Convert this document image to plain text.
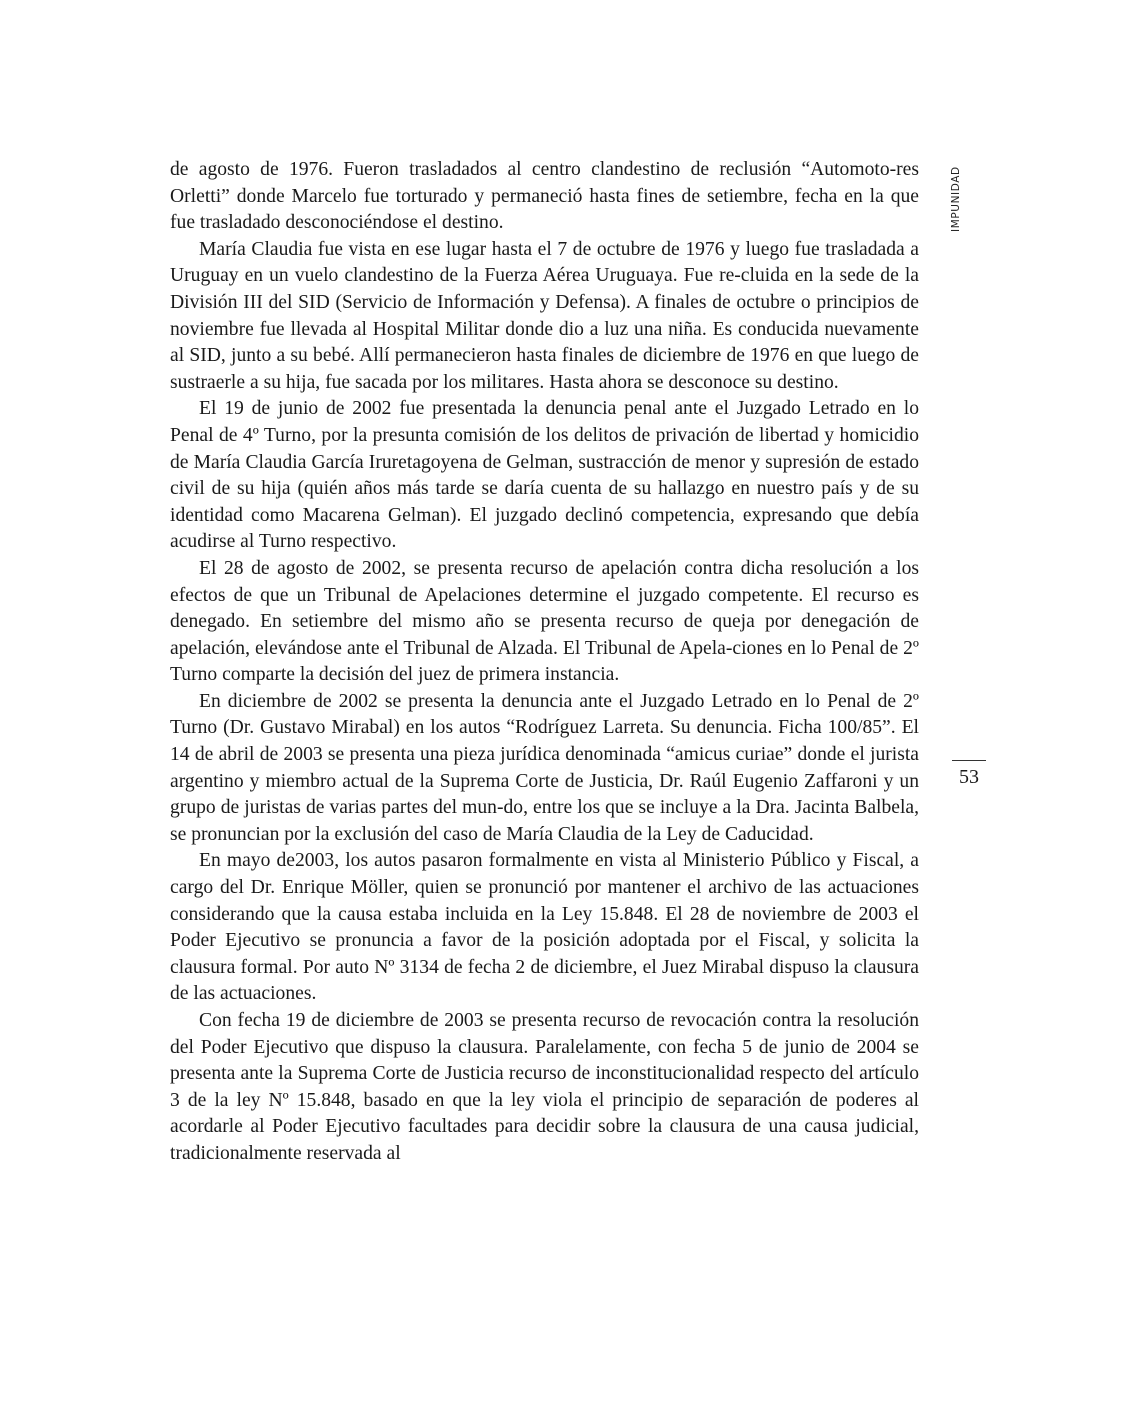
IMPUNIDAD

de agosto de 1976. Fueron trasladados al centro clandestino de reclusión “Automoto-res Orletti” donde Marcelo fue torturado y permaneció hasta fines de setiembre, fecha en la que fue trasladado desconociéndose el destino.

María Claudia fue vista en ese lugar hasta el 7 de octubre de 1976 y luego fue trasladada a Uruguay en un vuelo clandestino de la Fuerza Aérea Uruguaya. Fue re-cluida en la sede de la División III del SID (Servicio de Información y Defensa). A finales de octubre o principios de noviembre fue llevada al Hospital Militar donde dio a luz una niña. Es conducida nuevamente al SID, junto a su bebé. Allí permanecieron hasta finales de diciembre de 1976 en que luego de sustraerle a su hija, fue sacada por los militares. Hasta ahora se desconoce su destino.

El 19 de junio de 2002 fue presentada la denuncia penal ante el Juzgado Letrado en lo Penal de 4º Turno, por la presunta comisión de los delitos de privación de libertad y homicidio de María Claudia García Iruretagoyena de Gelman, sustracción de menor y supresión de estado civil de su hija (quién años más tarde se daría cuenta de su hallazgo en nuestro país y de su identidad como Macarena Gelman). El juzgado declinó competencia, expresando que debía acudirse al Turno respectivo.

El 28 de agosto de 2002, se presenta recurso de apelación contra dicha resolución a los efectos de que un Tribunal de Apelaciones determine el juzgado competente. El recurso es denegado. En setiembre del mismo año se presenta recurso de queja por denegación de apelación, elevándose ante el Tribunal de Alzada. El Tribunal de Apela-ciones en lo Penal de 2º Turno comparte la decisión del juez de primera instancia.

En diciembre de 2002 se presenta la denuncia ante el Juzgado Letrado en lo Penal de 2º Turno (Dr. Gustavo Mirabal) en los autos “Rodríguez Larreta. Su denuncia. Ficha 100/85”. El 14 de abril de 2003 se presenta una pieza jurídica denominada “amicus curiae” donde el jurista argentino y miembro actual de la Suprema Corte de Justicia, Dr. Raúl Eugenio Zaffaroni y un grupo de juristas de varias partes del mun-do, entre los que se incluye a la Dra. Jacinta Balbela, se pronuncian por la exclusión del caso de María Claudia de la Ley de Caducidad.

En mayo de2003, los autos pasaron formalmente en vista al Ministerio Público y Fiscal, a cargo del Dr. Enrique Möller, quien se pronunció por mantener el archivo de las actuaciones considerando que la causa estaba incluida en la Ley 15.848. El 28 de noviembre de 2003 el Poder Ejecutivo se pronuncia a favor de la posición adoptada por el Fiscal, y solicita la clausura formal. Por auto Nº 3134 de fecha 2 de diciembre, el Juez Mirabal dispuso la clausura de las actuaciones.

Con fecha 19 de diciembre de 2003 se presenta recurso de revocación contra la resolución del Poder Ejecutivo que dispuso la clausura. Paralelamente, con fecha 5 de junio de 2004 se presenta ante la Suprema Corte de Justicia recurso de inconstitucionalidad respecto del artículo 3 de la ley Nº 15.848, basado en que la ley viola el principio de separación de poderes al acordarle al Poder Ejecutivo facultades para decidir sobre la clausura de una causa judicial, tradicionalmente reservada al

53
